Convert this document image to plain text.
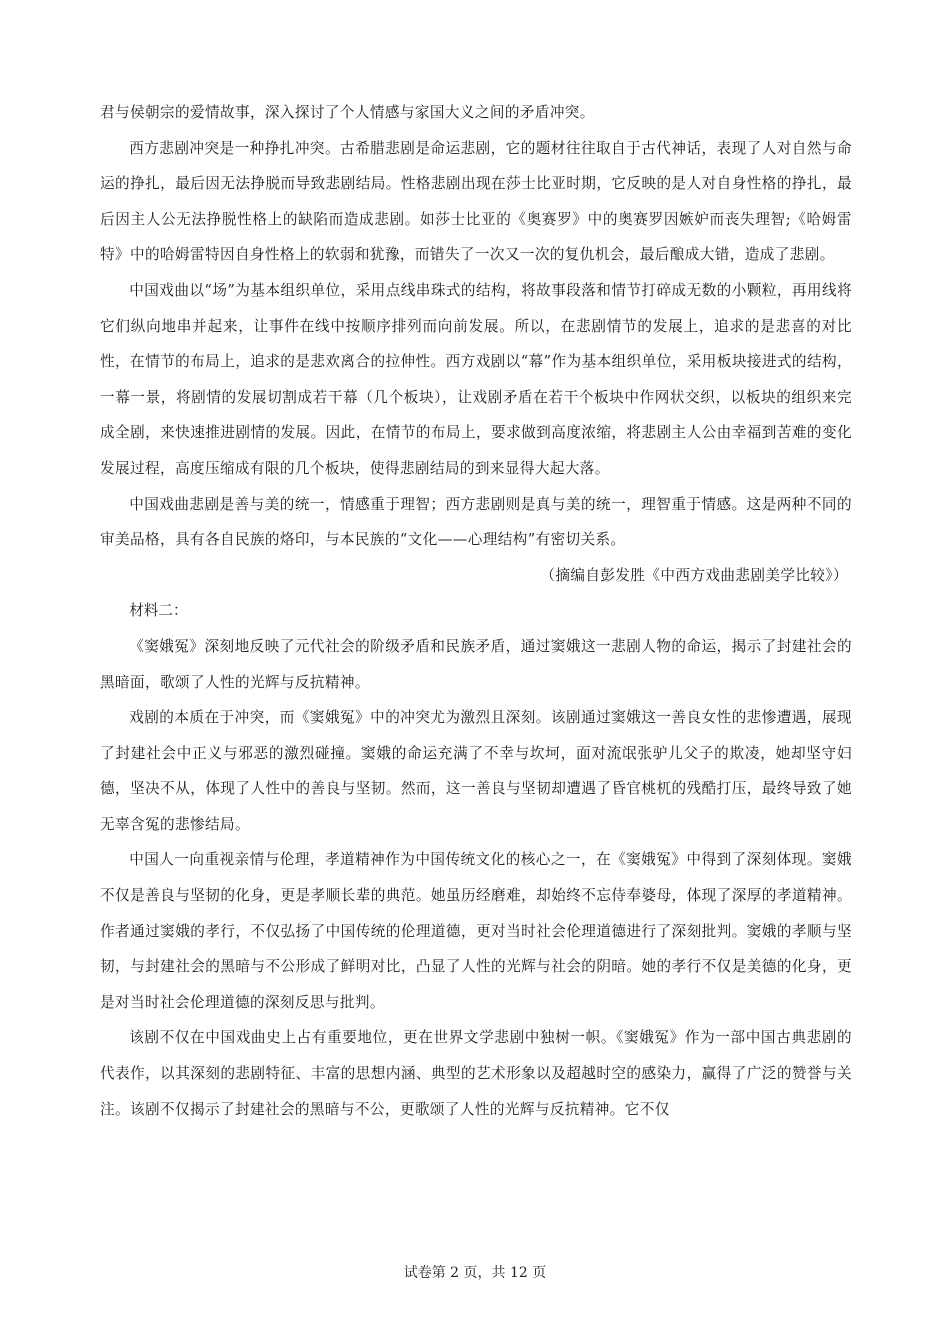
君与侯朝宗的爱情故事，深入探讨了个人情感与家国大义之间的矛盾冲突。

西方悲剧冲突是一种挣扎冲突。古希腊悲剧是命运悲剧，它的题材往往取自于古代神话，表现了人对自然与命运的挣扎，最后因无法挣脱而导致悲剧结局。性格悲剧出现在莎士比亚时期，它反映的是人对自身性格的挣扎，最后因主人公无法挣脱性格上的缺陷而造成悲剧。如莎士比亚的《奥赛罗》中的奥赛罗因嫉妒而丧失理智;《哈姆雷特》中的哈姆雷特因自身性格上的软弱和犹豫，而错失了一次又一次的复仇机会，最后酿成大错，造成了悲剧。

中国戏曲以“场”为基本组织单位，采用点线串珠式的结构，将故事段落和情节打碎成无数的小颗粒，再用线将它们纵向地串并起来，让事件在线中按顺序排列而向前发展。所以，在悲剧情节的发展上，追求的是悲喜的对比性，在情节的布局上，追求的是悲欢离合的拉伸性。西方戏剧以“幕”作为基本组织单位，采用板块接进式的结构，一幕一景，将剧情的发展切割成若干幕（几个板块），让戏剧矛盾在若干个板块中作网状交织，以板块的组织来完成全剧，来快速推进剧情的发展。因此，在情节的布局上，要求做到高度浓缩，将悲剧主人公由幸福到苦难的变化发展过程，高度压缩成有限的几个板块，使得悲剧结局的到来显得大起大落。

中国戏曲悲剧是善与美的统一，情感重于理智；西方悲剧则是真与美的统一，理智重于情感。这是两种不同的审美品格，具有各自民族的烙印，与本民族的“文化——心理结构”有密切关系。

（摘编自彭发胜《中西方戏曲悲剧美学比较》）

材料二：

《窦娥冤》深刻地反映了元代社会的阶级矛盾和民族矛盾，通过窦娥这一悲剧人物的命运，揭示了封建社会的黑暗面，歌颂了人性的光辉与反抗精神。

戏剧的本质在于冲突，而《窦娥冤》中的冲突尤为激烈且深刻。该剧通过窦娥这一善良女性的悲惨遭遇，展现了封建社会中正义与邪恶的激烈碰撞。窦娥的命运充满了不幸与坎坷，面对流氓张驴儿父子的欺凌，她却坚守妇德，坚决不从，体现了人性中的善良与坚韧。然而，这一善良与坚韧却遭遇了昏官桃杌的残酷打压，最终导致了她无辜含冤的悲惨结局。

中国人一向重视亲情与伦理，孝道精神作为中国传统文化的核心之一，在《窦娥冤》中得到了深刻体现。窦娥不仅是善良与坚韧的化身，更是孝顺长辈的典范。她虽历经磨难，却始终不忘侍奉婆母，体现了深厚的孝道精神。作者通过窦娥的孝行，不仅弘扬了中国传统的伦理道德，更对当时社会伦理道德进行了深刻批判。窦娥的孝顺与坚韧，与封建社会的黑暗与不公形成了鲜明对比，凸显了人性的光辉与社会的阴暗。她的孝行不仅是美德的化身，更是对当时社会伦理道德的深刻反思与批判。

该剧不仅在中国戏曲史上占有重要地位，更在世界文学悲剧中独树一帜。《窦娥冤》作为一部中国古典悲剧的代表作，以其深刻的悲剧特征、丰富的思想内涵、典型的艺术形象以及超越时空的感染力，赢得了广泛的赞誉与关注。该剧不仅揭示了封建社会的黑暗与不公，更歌颂了人性的光辉与反抗精神。它不仅

试卷第 2 页，共 12 页
